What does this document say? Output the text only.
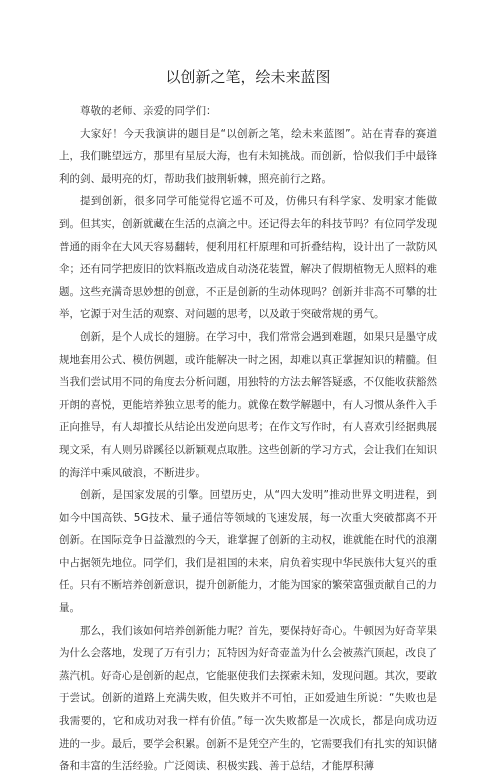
以创新之笔，绘未来蓝图

尊敬的老师、亲爱的同学们：

大家好！今天我演讲的题目是“以创新之笔，绘未来蓝图”。站在青春的赛道上，我们眺望远方，那里有星辰大海，也有未知挑战。而创新，恰似我们手中最锋利的剑、最明亮的灯，帮助我们披荆斩棘，照亮前行之路。

提到创新，很多同学可能觉得它遥不可及，仿佛只有科学家、发明家才能做到。但其实，创新就藏在生活的点滴之中。还记得去年的科技节吗？有位同学发现普通的雨伞在大风天容易翻转，便利用杠杆原理和可折叠结构，设计出了一款防风伞；还有同学把废旧的饮料瓶改造成自动浇花装置，解决了假期植物无人照料的难题。这些充满奇思妙想的创意，不正是创新的生动体现吗？创新并非高不可攀的壮举，它源于对生活的观察、对问题的思考，以及敢于突破常规的勇气。

创新，是个人成长的翅膀。在学习中，我们常常会遇到难题，如果只是墨守成规地套用公式、模仿例题，或许能解决一时之困，却难以真正掌握知识的精髓。但当我们尝试用不同的角度去分析问题，用独特的方法去解答疑惑，不仅能收获豁然开朗的喜悦，更能培养独立思考的能力。就像在数学解题中，有人习惯从条件入手正向推导，有人却擅长从结论出发逆向思考；在作文写作时，有人喜欢引经据典展现文采，有人则另辟蹊径以新颖观点取胜。这些创新的学习方式，会让我们在知识的海洋中乘风破浪，不断进步。

创新，是国家发展的引擎。回望历史，从“四大发明”推动世界文明进程，到如今中国高铁、5G技术、量子通信等领域的飞速发展，每一次重大突破都离不开创新。在国际竞争日益激烈的今天，谁掌握了创新的主动权，谁就能在时代的浪潮中占据领先地位。同学们，我们是祖国的未来，肩负着实现中华民族伟大复兴的重任。只有不断培养创新意识，提升创新能力，才能为国家的繁荣富强贡献自己的力量。

那么，我们该如何培养创新能力呢？首先，要保持好奇心。牛顿因为好奇苹果为什么会落地，发现了万有引力；瓦特因为好奇壶盖为什么会被蒸汽顶起，改良了蒸汽机。好奇心是创新的起点，它能驱使我们去探索未知，发现问题。其次，要敢于尝试。创新的道路上充满失败，但失败并不可怕，正如爱迪生所说：“失败也是我需要的，它和成功对我一样有价值。”每一次失败都是一次成长，都是向成功迈进的一步。最后，要学会积累。创新不是凭空产生的，它需要我们有扎实的知识储备和丰富的生活经验。广泛阅读、积极实践、善于总结，才能厚积薄
